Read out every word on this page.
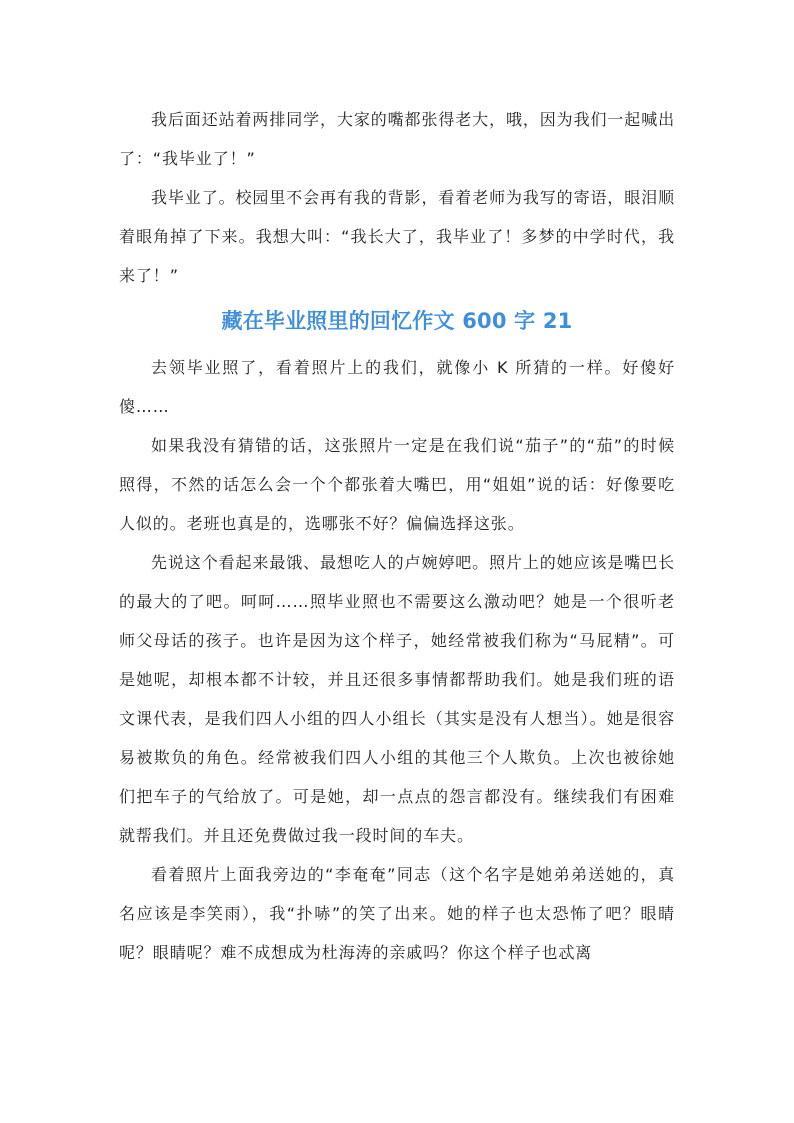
我后面还站着两排同学，大家的嘴都张得老大，哦，因为我们一起喊出了：“我毕业了！”

我毕业了。校园里不会再有我的背影，看着老师为我写的寄语，眼泪顺着眼角掉了下来。我想大叫：“我长大了，我毕业了！多梦的中学时代，我来了！”

藏在毕业照里的回忆作文 600 字 21

去领毕业照了，看着照片上的我们，就像小 K 所猜的一样。好傻好傻……

如果我没有猜错的话，这张照片一定是在我们说“茄子”的“茄”的时候照得，不然的话怎么会一个个都张着大嘴巴，用“姐姐”说的话：好像要吃人似的。老班也真是的，选哪张不好？偏偏选择这张。

先说这个看起来最饿、最想吃人的卢婉婷吧。照片上的她应该是嘴巴长的最大的了吧。呵呵……照毕业照也不需要这么激动吧？她是一个很听老师父母话的孩子。也许是因为这个样子，她经常被我们称为“马屁精”。可是她呢，却根本都不计较，并且还很多事情都帮助我们。她是我们班的语文课代表，是我们四人小组的四人小组长（其实是没有人想当）。她是很容易被欺负的角色。经常被我们四人小组的其他三个人欺负。上次也被徐她们把车子的气给放了。可是她，却一点点的怨言都没有。继续我们有困难就帮我们。并且还免费做过我一段时间的车夫。

看着照片上面我旁边的“李奄奄”同志（这个名字是她弟弟送她的，真名应该是李笑雨），我“扑哧”的笑了出来。她的样子也太恐怖了吧？眼睛呢？眼睛呢？难不成想成为杜海涛的亲戚吗？你这个样子也忒离
